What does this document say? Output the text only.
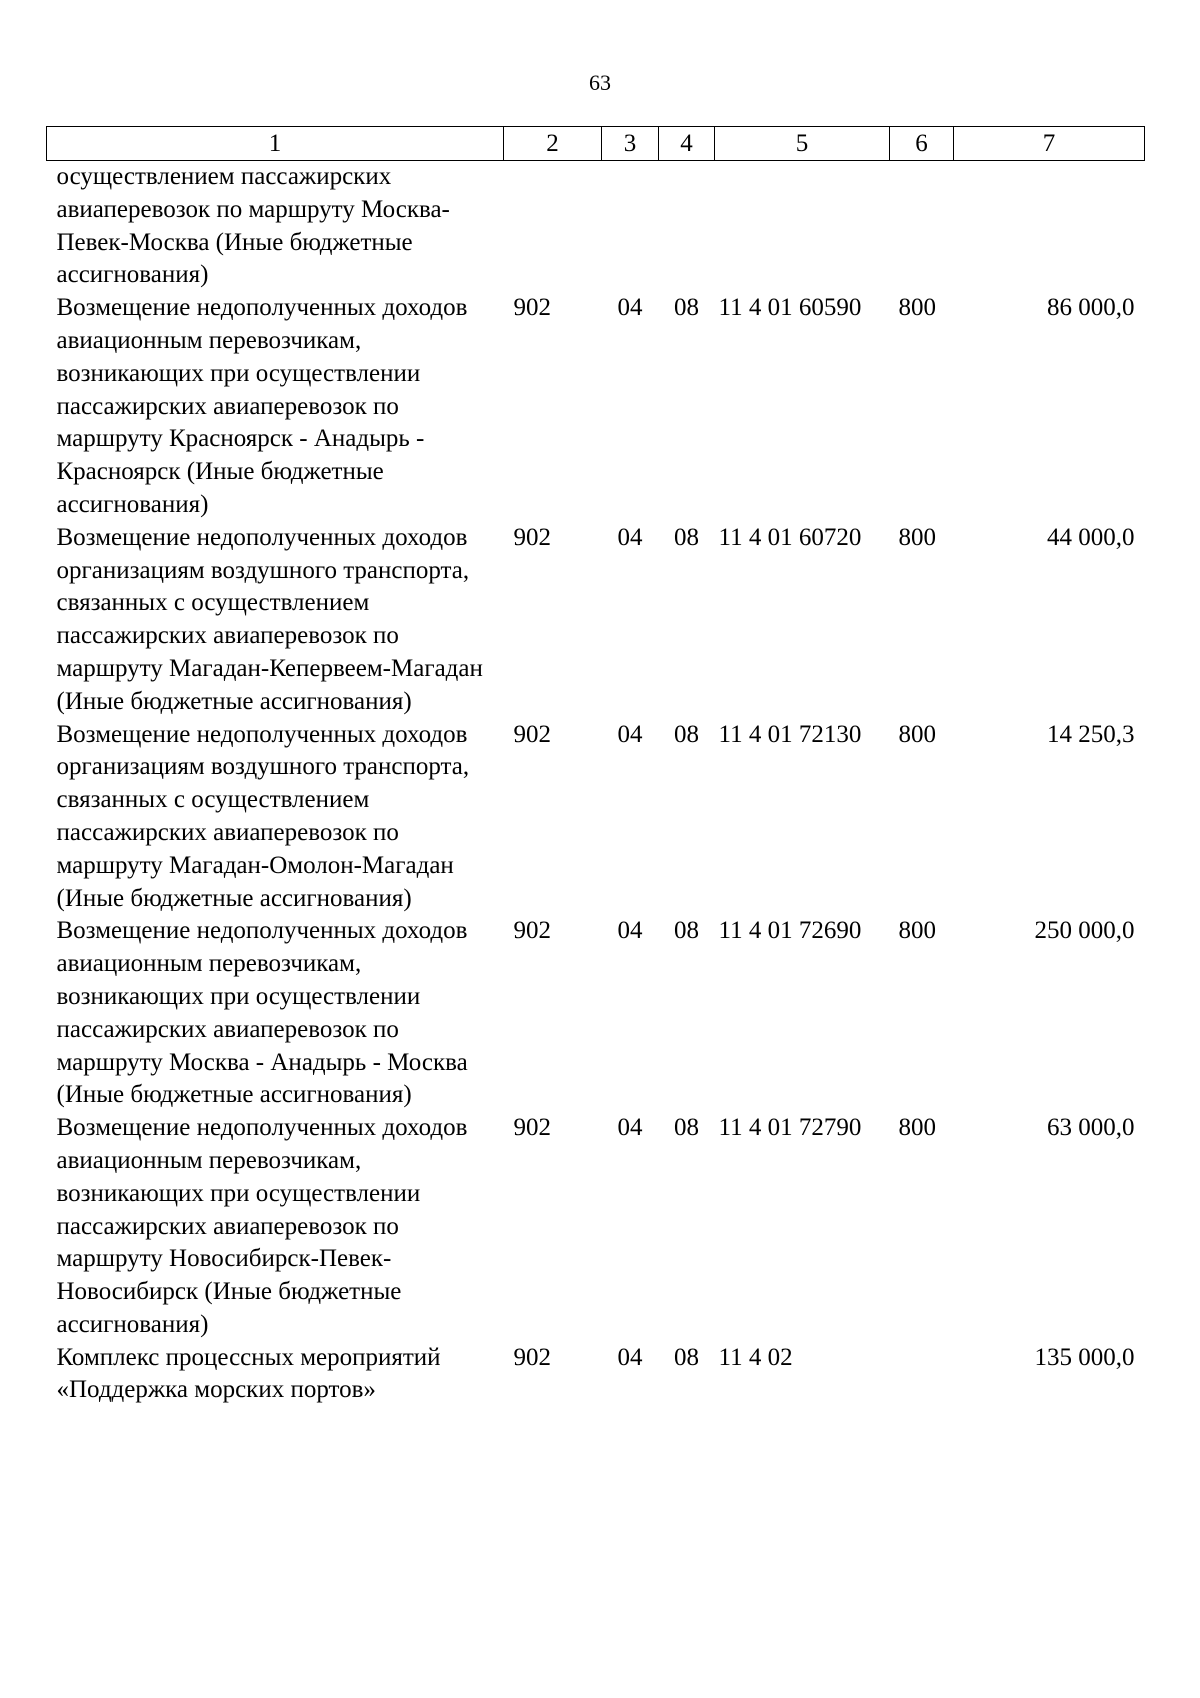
63
1	2	3	4	5	6	7
осуществлением пассажирских авиаперевозок по маршруту Москва-Певек-Москва (Иные бюджетные ассигнования)						
Возмещение недополученных доходов авиационным перевозчикам, возникающих при осуществлении пассажирских авиаперевозок по маршруту Красноярск - Анадырь - Красноярск (Иные бюджетные ассигнования)	902	04	08	11 4 01 60590	800	86 000,0
Возмещение недополученных доходов организациям воздушного транспорта, связанных с осуществлением пассажирских авиаперевозок по маршруту Магадан-Кепервеем-Магадан (Иные бюджетные ассигнования)	902	04	08	11 4 01 60720	800	44 000,0
Возмещение недополученных доходов организациям воздушного транспорта, связанных с осуществлением пассажирских авиаперевозок по маршруту Магадан-Омолон-Магадан (Иные бюджетные ассигнования)	902	04	08	11 4 01 72130	800	14 250,3
Возмещение недополученных доходов авиационным перевозчикам, возникающих при осуществлении пассажирских авиаперевозок по маршруту Москва - Анадырь - Москва (Иные бюджетные ассигнования)	902	04	08	11 4 01 72690	800	250 000,0
Возмещение недополученных доходов авиационным перевозчикам, возникающих при осуществлении пассажирских авиаперевозок по маршруту Новосибирск-Певек-Новосибирск (Иные бюджетные ассигнования)	902	04	08	11 4 01 72790	800	63 000,0
Комплекс процессных мероприятий «Поддержка морских портов»	902	04	08	11 4 02		135 000,0
